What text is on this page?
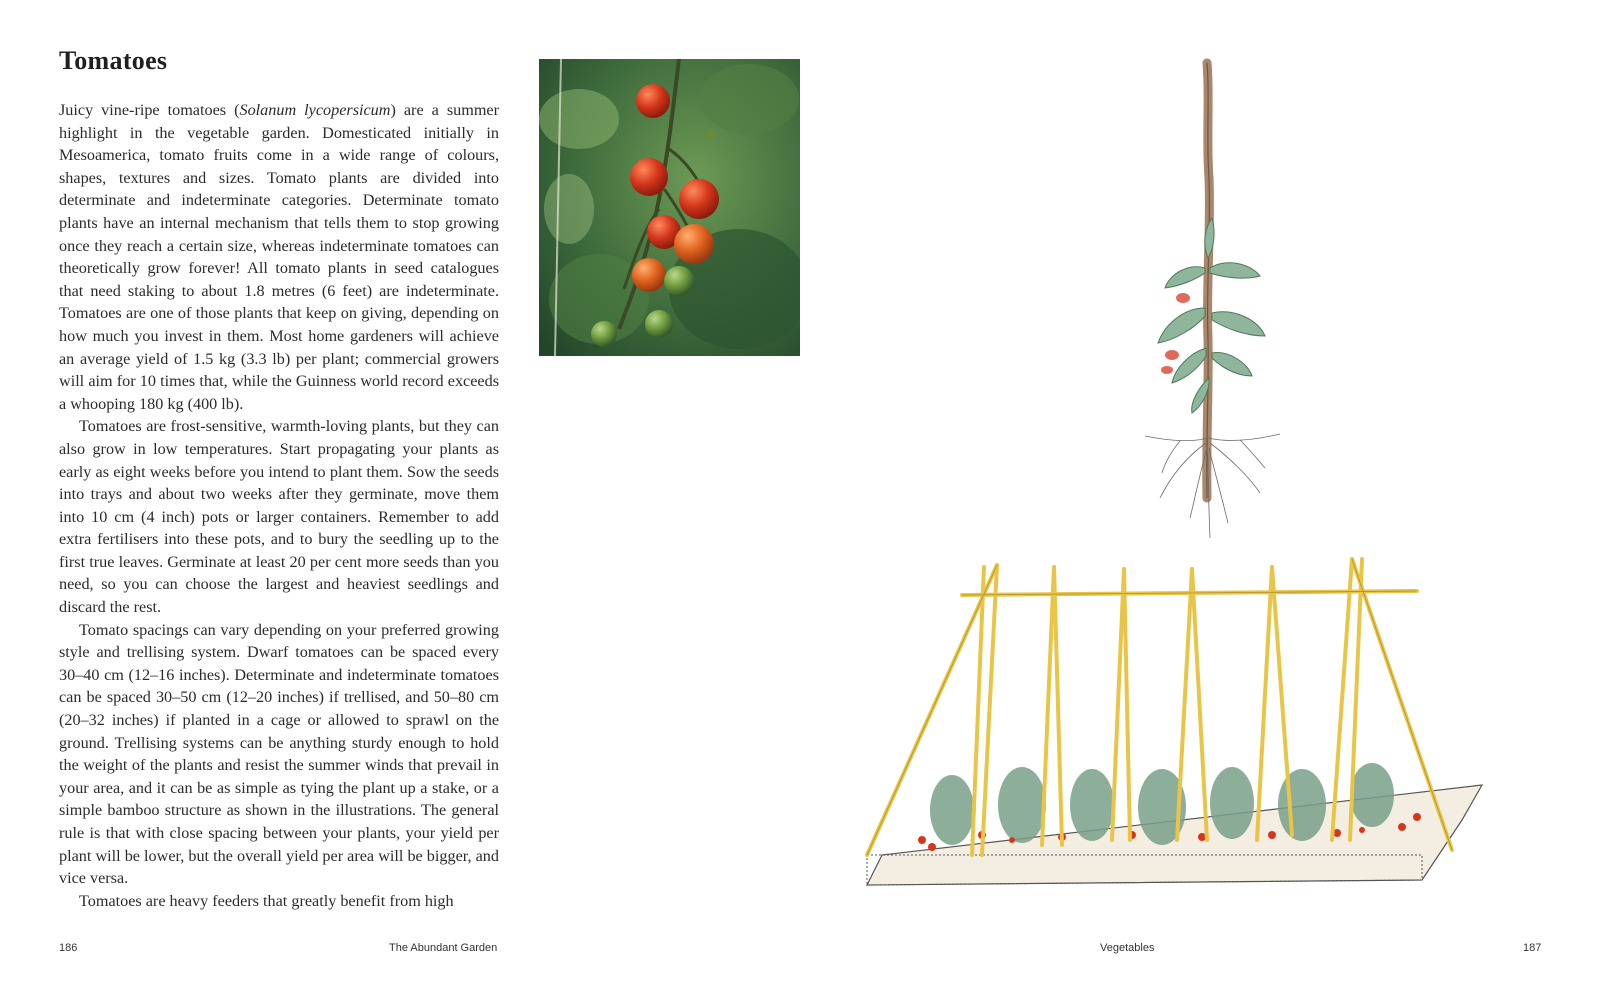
Tomatoes

Juicy vine-ripe tomatoes (Solanum lycopersicum) are a summer highlight in the vegetable garden. Domesticated initially in Mesoamerica, tomato fruits come in a wide range of colours, shapes, textures and sizes. Tomato plants are divided into determinate and indeterminate categories. Determinate tomato plants have an internal mechanism that tells them to stop growing once they reach a certain size, whereas indeterminate tomatoes can theoretically grow forever! All tomato plants in seed catalogues that need staking to about 1.8 metres (6 feet) are indeterminate. Tomatoes are one of those plants that keep on giving, depending on how much you invest in them. Most home gardeners will achieve an average yield of 1.5 kg (3.3 lb) per plant; commercial growers will aim for 10 times that, while the Guinness world record exceeds a whooping 180 kg (400 lb).

Tomatoes are frost-sensitive, warmth-loving plants, but they can also grow in low temperatures. Start propagating your plants as early as eight weeks before you intend to plant them. Sow the seeds into trays and about two weeks after they germinate, move them into 10 cm (4 inch) pots or larger containers. Remember to add extra fertilisers into these pots, and to bury the seedling up to the first true leaves. Germinate at least 20 per cent more seeds than you need, so you can choose the largest and heaviest seedlings and discard the rest.

Tomato spacings can vary depending on your preferred growing style and trellising system. Dwarf tomatoes can be spaced every 30–40 cm (12–16 inches). Determinate and indeterminate tomatoes can be spaced 30–50 cm (12–20 inches) if trellised, and 50–80 cm (20–32 inches) if planted in a cage or allowed to sprawl on the ground. Trellising systems can be anything sturdy enough to hold the weight of the plants and resist the summer winds that prevail in your area, and it can be as simple as tying the plant up a stake, or a simple bamboo structure as shown in the illustrations. The general rule is that with close spacing between your plants, your yield per plant will be lower, but the overall yield per area will be bigger, and vice versa.

Tomatoes are heavy feeders that greatly benefit from high

186	The Abundant Garden	Vegetables	187
